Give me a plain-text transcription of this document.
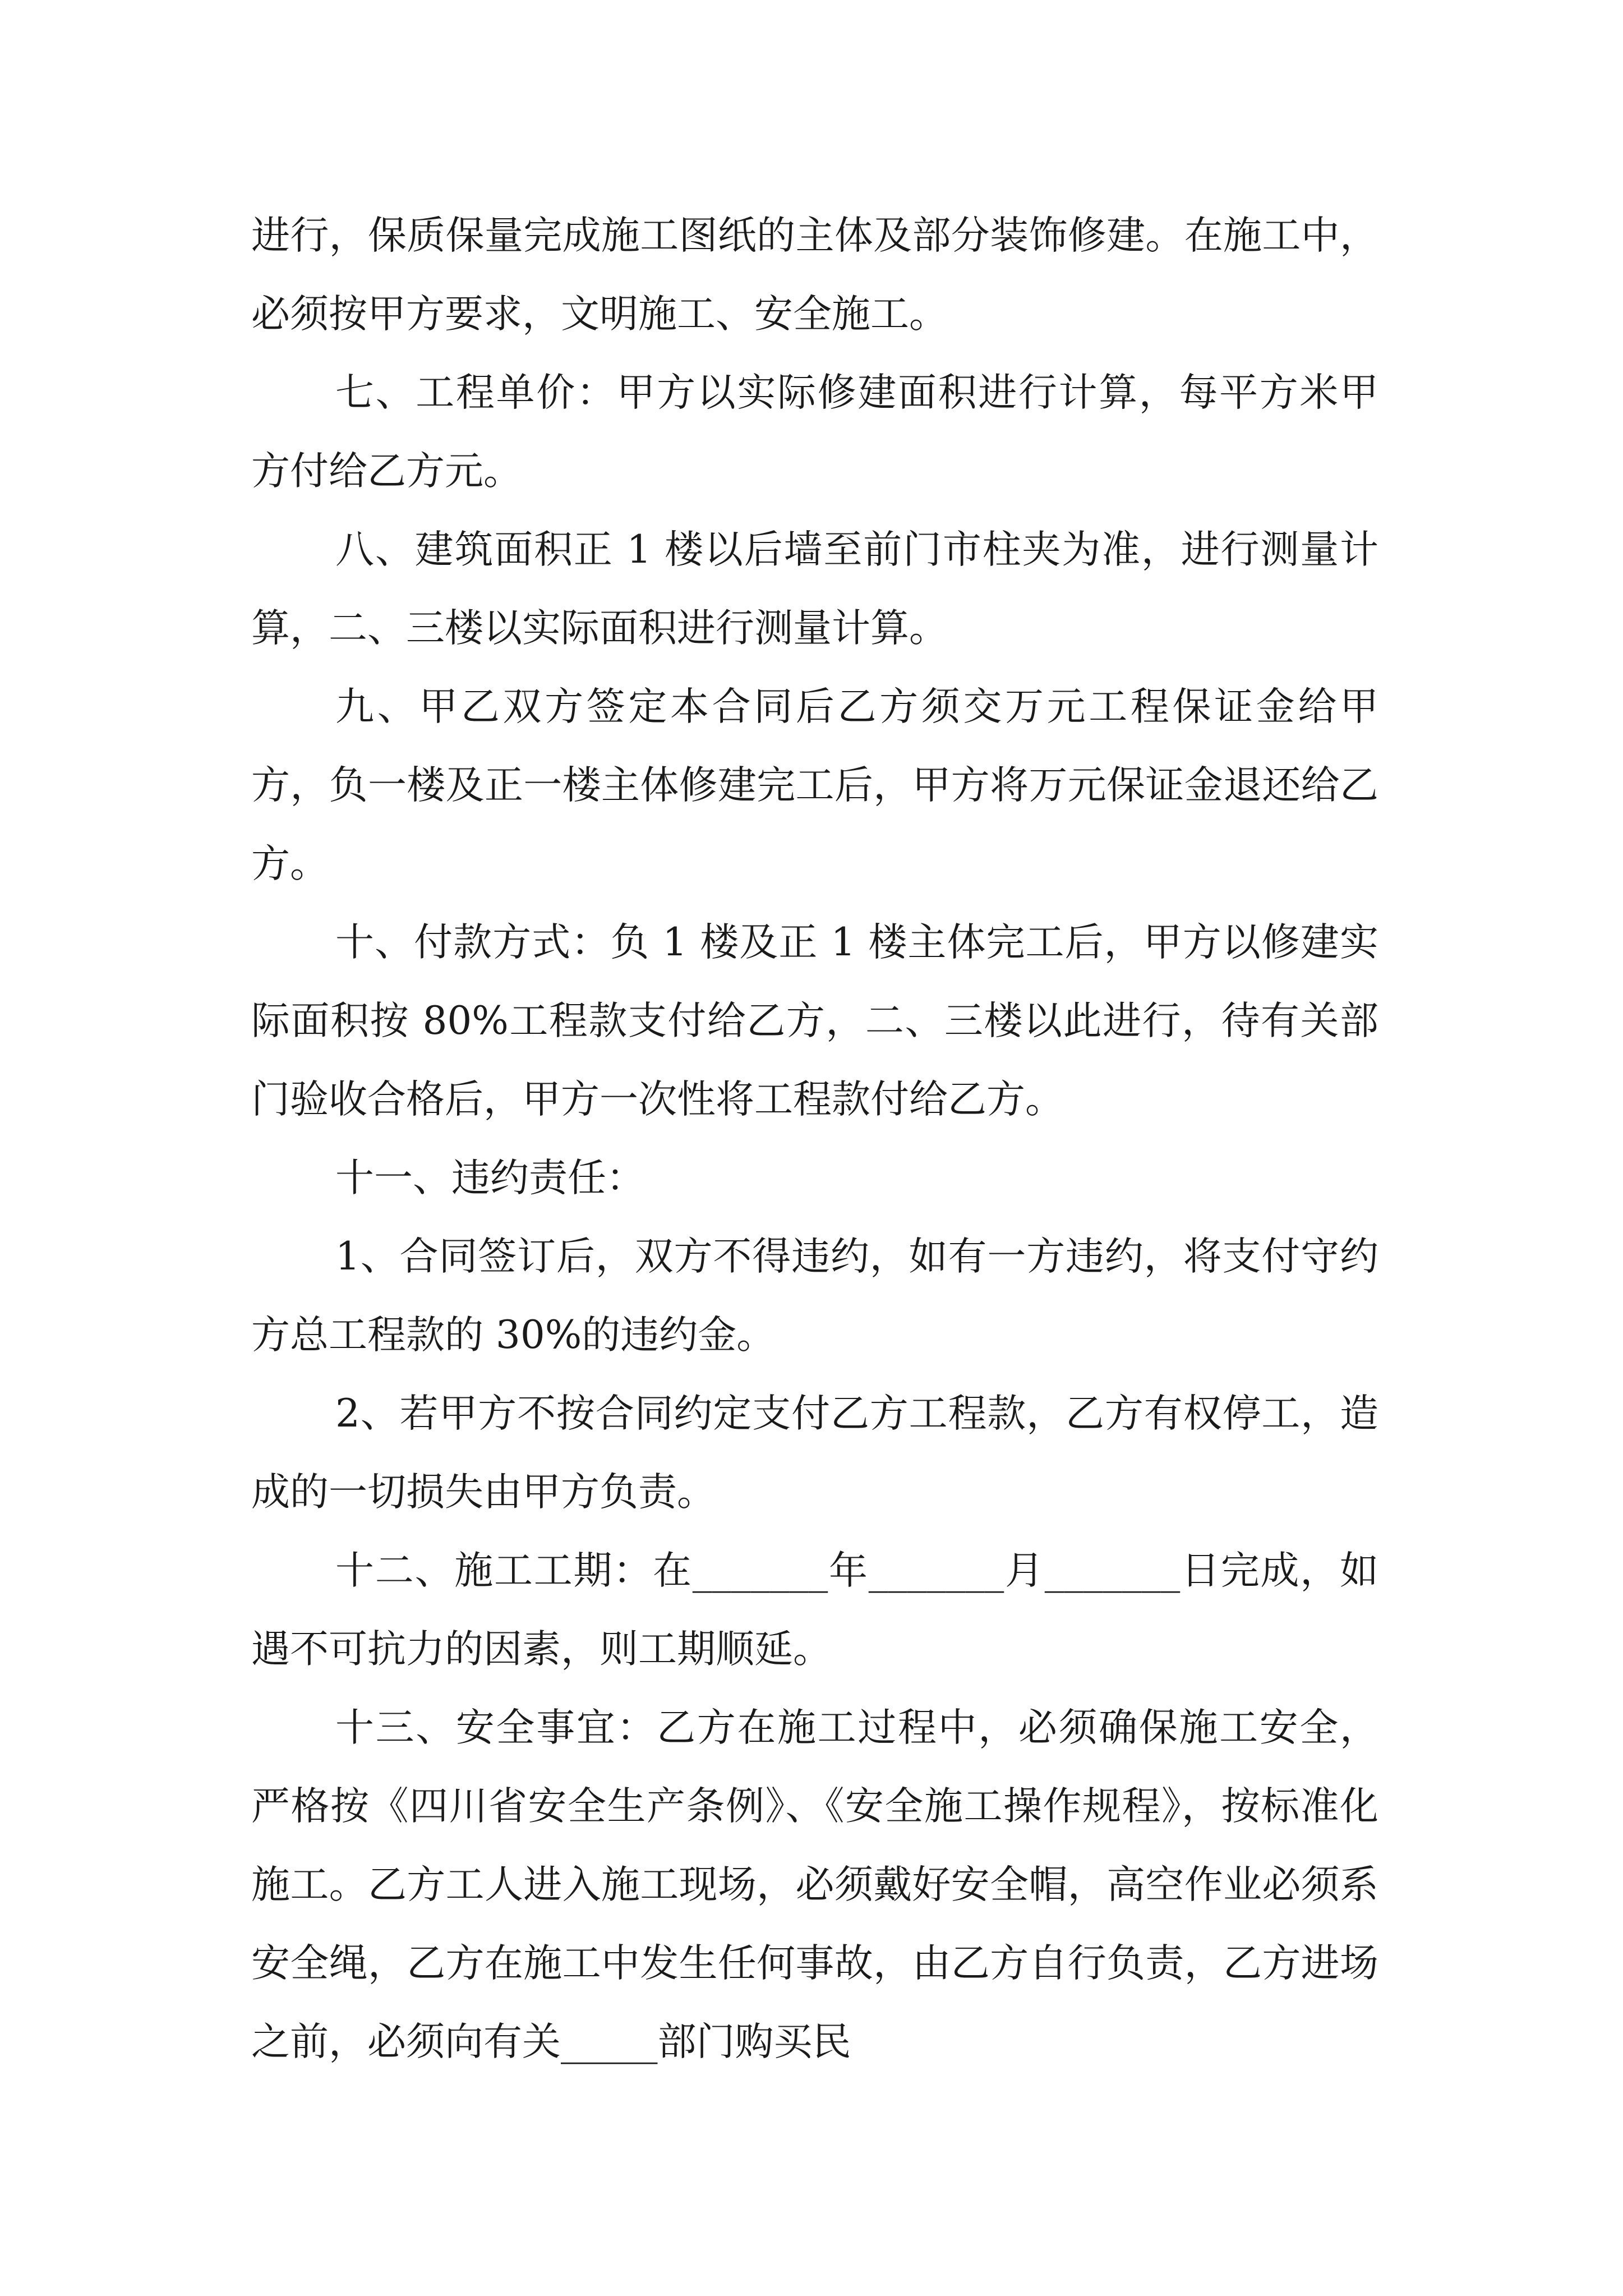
进行，保质保量完成施工图纸的主体及部分装饰修建。在施工中，必须按甲方要求，文明施工、安全施工。

七、工程单价：甲方以实际修建面积进行计算，每平方米甲方付给乙方元。

八、建筑面积正 1 楼以后墙至前门市柱夹为准，进行测量计算，二、三楼以实际面积进行测量计算。

九、甲乙双方签定本合同后乙方须交万元工程保证金给甲方，负一楼及正一楼主体修建完工后，甲方将万元保证金退还给乙方。

十、付款方式：负 1 楼及正 1 楼主体完工后，甲方以修建实际面积按 80%工程款支付给乙方，二、三楼以此进行，待有关部门验收合格后，甲方一次性将工程款付给乙方。

十一、违约责任：

1、合同签订后，双方不得违约，如有一方违约，将支付守约方总工程款的 30%的违约金。

2、若甲方不按合同约定支付乙方工程款，乙方有权停工，造成的一切损失由甲方负责。

十二、施工工期：在_______年_______月_______日完成，如遇不可抗力的因素，则工期顺延。

十三、安全事宜：乙方在施工过程中，必须确保施工安全，严格按《四川省安全生产条例》、《安全施工操作规程》，按标准化施工。乙方工人进入施工现场，必须戴好安全帽，高空作业必须系安全绳，乙方在施工中发生任何事故，由乙方自行负责，乙方进场之前，必须向有关_____部门购买民
